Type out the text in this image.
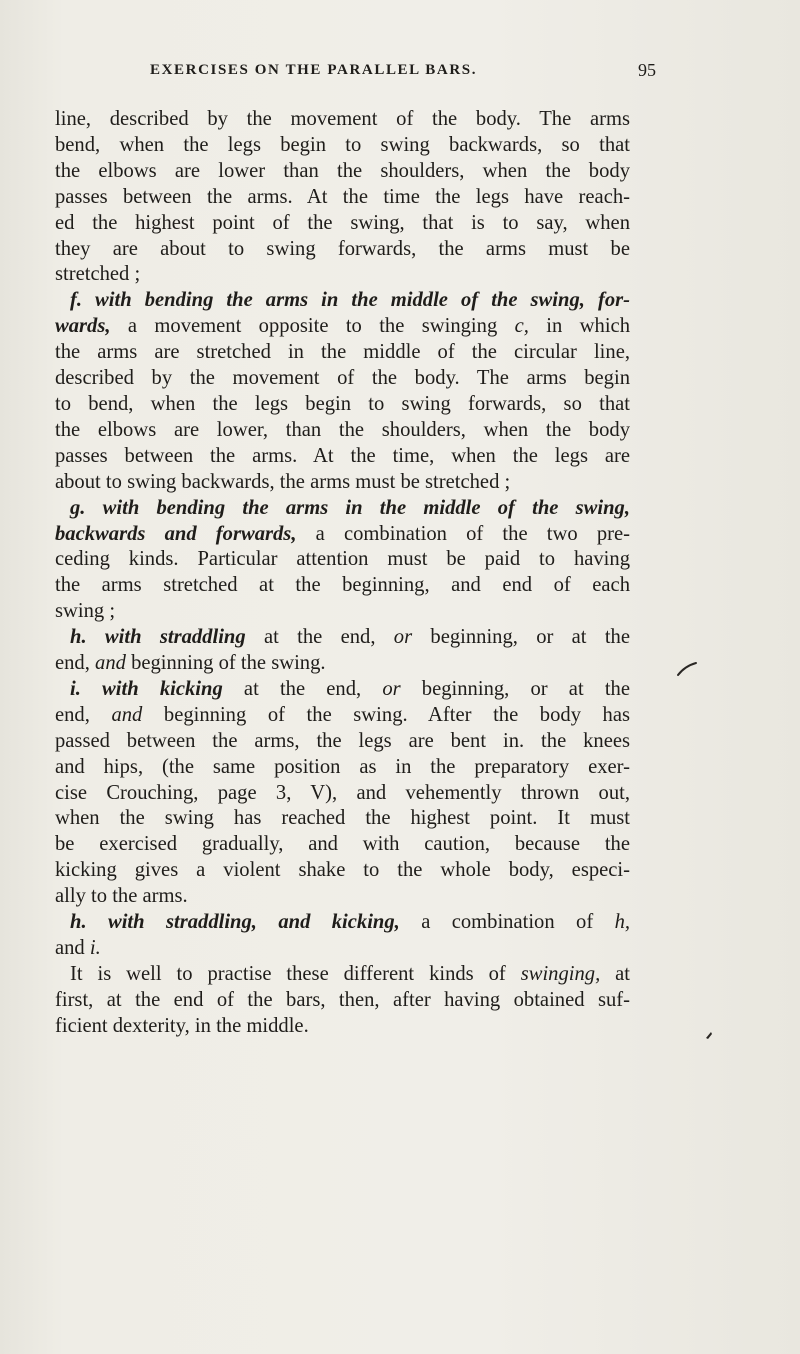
EXERCISES ON THE PARALLEL BARS.	95
line, described by the movement of the body. The arms
bend, when the legs begin to swing backwards, so that
the elbows are lower than the shoulders, when the body
passes between the arms. At the time the legs have reach-
ed the highest point of the swing, that is to say, when
they are about to swing forwards, the arms must be
stretched ;
f. with bending the arms in the middle of the swing, for-
wards, a movement opposite to the swinging c, in which
the arms are stretched in the middle of the circular line,
described by the movement of the body. The arms begin
to bend, when the legs begin to swing forwards, so that
the elbows are lower, than the shoulders, when the body
passes between the arms. At the time, when the legs are
about to swing backwards, the arms must be stretched ;
g. with bending the arms in the middle of the swing,
backwards and forwards, a combination of the two pre-
ceding kinds. Particular attention must be paid to having
the arms stretched at the beginning, and end of each
swing ;
h. with straddling at the end, or beginning, or at the
end, and beginning of the swing.
i. with kicking at the end, or beginning, or at the
end, and beginning of the swing. After the body has
passed between the arms, the legs are bent in. the knees
and hips, (the same position as in the preparatory exer-
cise Crouching, page 3, V), and vehemently thrown out,
when the swing has reached the highest point. It must
be exercised gradually, and with caution, because the
kicking gives a violent shake to the whole body, especi-
ally to the arms.
h. with straddling, and kicking, a combination of h,
and i.
It is well to practise these different kinds of swinging, at
first, at the end of the bars, then, after having obtained suf-
ficient dexterity, in the middle.
